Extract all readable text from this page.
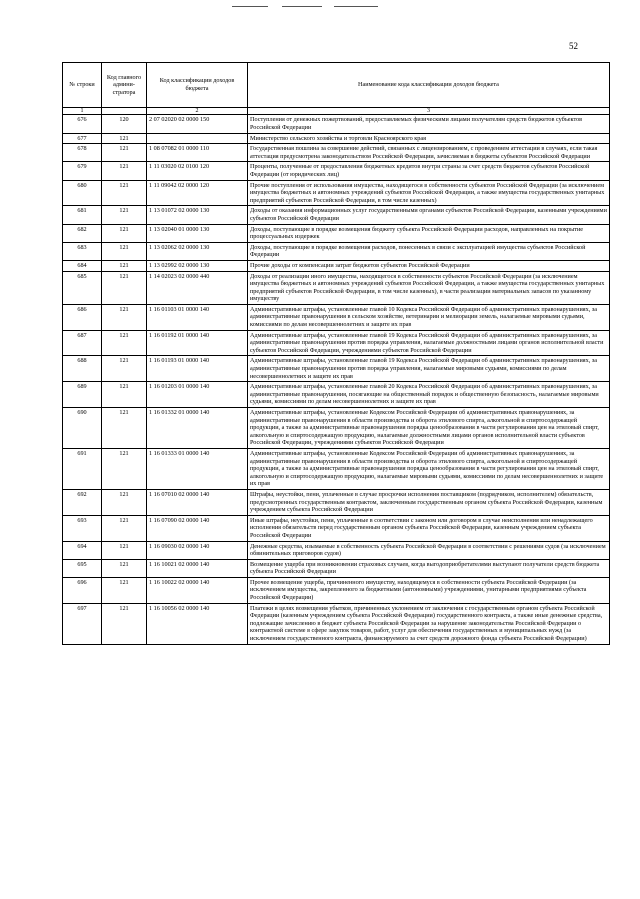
52
№ строки	Код главного админи- стратора	Код классификации доходов бюджета	Наименование кода классификации доходов бюджета
1		2	3
676	120	2 07 02020 02 0000 150	Поступления от денежных пожертвований, предоставляемых физическими лицами получателям средств бюджетов субъектов Российской Федерации
677	121		Министерство сельского хозяйства и торговли Красноярского края
678	121	1 08 07082 01 0000 110	Государственная пошлина за совершение действий, связанных с лицензированием, с проведением аттестации в случаях, если такая аттестация предусмотрена законодательством Российской Федерации, зачисляемая в бюджеты субъектов Российской Федерации
679	121	1 11 03020 02 0100 120	Проценты, полученные от предоставления бюджетных кредитов внутри страны за счет средств бюджетов субъектов Российской Федерации (от юридических лиц)
680	121	1 11 09042 02 0000 120	Прочие поступления от использования имущества, находящегося в собственности субъектов Российской Федерации (за исключением имущества бюджетных и автономных учреждений субъектов Российской Федерации, а также имущества государственных унитарных предприятий субъектов Российской Федерации, в том числе казенных)
681	121	1 13 01072 02 0000 130	Доходы от оказания информационных услуг государственными органами субъектов Российской Федерации, казенными учреждениями субъектов Российской Федерации
682	121	1 13 02040 01 0000 130	Доходы, поступающие в порядке возмещения бюджету субъекта Российской Федерации расходов, направленных на покрытие процессуальных издержек
683	121	1 13 02062 02 0000 130	Доходы, поступающие в порядке возмещения расходов, понесенных в связи с эксплуатацией имущества субъектов Российской Федерации
684	121	1 13 02992 02 0000 130	Прочие доходы от компенсации затрат бюджетов субъектов Российской Федерации
685	121	1 14 02023 02 0000 440	Доходы от реализации иного имущества, находящегося в собственности субъектов Российской Федерации (за исключением имущества бюджетных и автономных учреждений субъектов Российской Федерации, а также имущества государственных унитарных предприятий субъектов Российской Федерации, в том числе казенных), в части реализации материальных запасов по указанному имуществу
686	121	1 16 01103 01 0000 140	Административные штрафы, установленные главой 10 Кодекса Российской Федерации об административных правонарушениях, за административные правонарушения в сельском хозяйстве, ветеринарии и мелиорации земель, налагаемые мировыми судьями, комиссиями по делам несовершеннолетних и защите их прав
687	121	1 16 01192 01 0000 140	Административные штрафы, установленные главой 19 Кодекса Российской Федерации об административных правонарушениях, за административные правонарушения против порядка управления, налагаемые должностными лицами органов исполнительной власти субъектов Российской Федерации, учреждениями субъектов Российской Федерации
688	121	1 16 01193 01 0000 140	Административные штрафы, установленные главой 19 Кодекса Российской Федерации об административных правонарушениях, за административные правонарушения против порядка управления, налагаемые мировыми судьями, комиссиями по делам несовершеннолетних и защите их прав
689	121	1 16 01203 01 0000 140	Административные штрафы, установленные главой 20 Кодекса Российской Федерации об административных правонарушениях, за административные правонарушения, посягающие на общественный порядок и общественную безопасность, налагаемые мировыми судьями, комиссиями по делам несовершеннолетних и защите их прав
690	121	1 16 01332 01 0000 140	Административные штрафы, установленные Кодексом Российской Федерации об административных правонарушениях, за административные правонарушения в области производства и оборота этилового спирта, алкогольной и спиртосодержащей продукции, а также за административные правонарушения порядка ценообразования в части регулирования цен на этиловый спирт, алкогольную и спиртосодержащую продукцию, налагаемые должностными лицами органов исполнительной власти субъектов Российской Федерации, учреждениями субъектов Российской Федерации
691	121	1 16 01333 01 0000 140	Административные штрафы, установленные Кодексом Российской Федерации об административных правонарушениях, за административные правонарушения в области производства и оборота этилового спирта, алкогольной и спиртосодержащей продукции, а также за административные правонарушения порядка ценообразования в части регулирования цен на этиловый спирт, алкогольную и спиртосодержащую продукцию, налагаемые мировыми судьями, комиссиями по делам несовершеннолетних и защите их прав
692	121	1 16 07010 02 0000 140	Штрафы, неустойки, пени, уплаченные в случае просрочки исполнения поставщиком (подрядчиком, исполнителем) обязательств, предусмотренных государственным контрактом, заключенным государственным органом субъекта Российской Федерации, казенным учреждением субъекта Российской Федерации
693	121	1 16 07090 02 0000 140	Иные штрафы, неустойки, пени, уплаченные в соответствии с законом или договором в случае неисполнения или ненадлежащего исполнения обязательств перед государственным органом субъекта Российской Федерации, казенным учреждением субъекта Российской Федерации
694	121	1 16 09030 02 0000 140	Денежные средства, изымаемые в собственность субъекта Российской Федерации в соответствии с решениями судов (за исключением обвинительных приговоров судов)
695	121	1 16 10021 02 0000 140	Возмещение ущерба при возникновении страховых случаев, когда выгодоприобретателями выступают получатели средств бюджета субъекта Российской Федерации
696	121	1 16 10022 02 0000 140	Прочее возмещение ущерба, причиненного имуществу, находящемуся в собственности субъекта Российской Федерации (за исключением имущества, закрепленного за бюджетными (автономными) учреждениями, унитарными предприятиями субъекта Российской Федерации)
697	121	1 16 10056 02 0000 140	Платежи в целях возмещения убытков, причиненных уклонением от заключения с государственным органом субъекта Российской Федерации (казенным учреждением субъекта Российской Федерации) государственного контракта, а также иные денежные средства, подлежащие зачислению в бюджет субъекта Российской Федерации за нарушение законодательства Российской Федерации о контрактной системе в сфере закупок товаров, работ, услуг для обеспечения государственных и муниципальных нужд (за исключением государственного контракта, финансируемого за счет средств дорожного фонда субъекта Российской Федерации)
